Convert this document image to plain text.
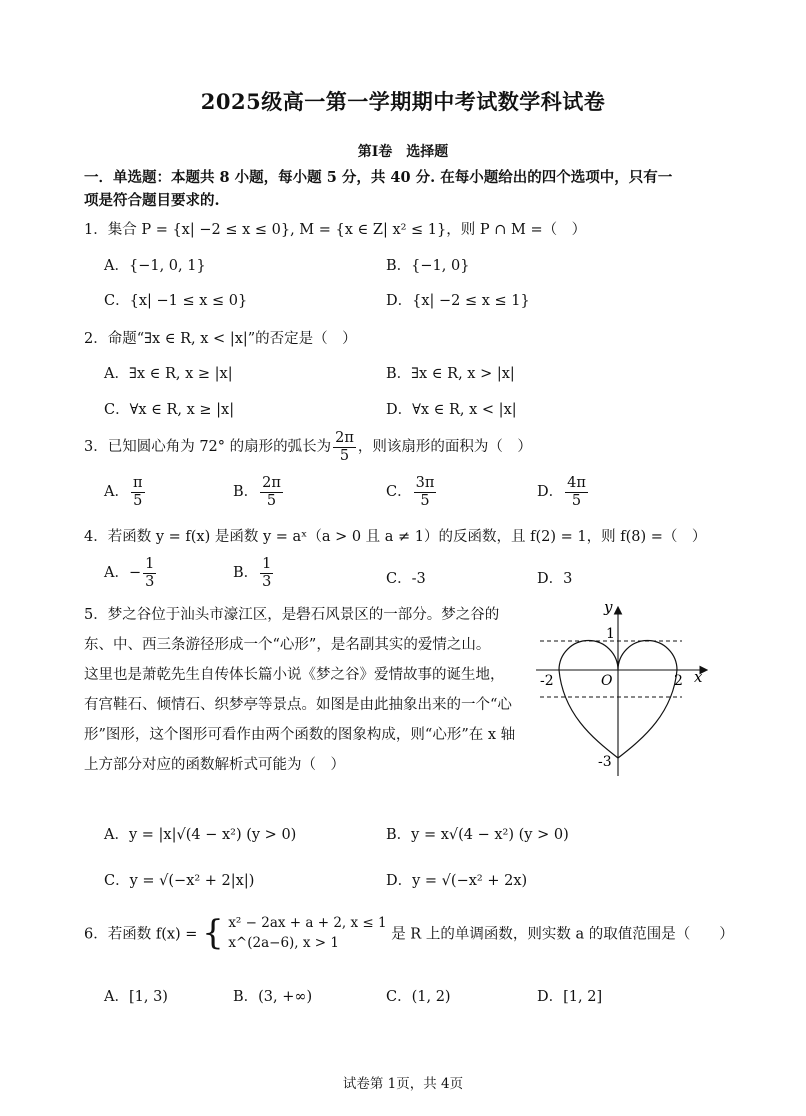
2025级高一第一学期期中考试数学科试卷
第Ⅰ卷　选择题
一．单选题：本题共 8 小题，每小题 5 分，共 40 分. 在每小题给出的四个选项中，只有一
项是符合题目要求的.
1．集合 P = {x| −2 ≤ x ≤ 0}, M = {x ∈ Z| x² ≤ 1}，则 P ∩ M =（　）
A．{−1, 0, 1}	B．{−1, 0}
C．{x| −1 ≤ x ≤ 0}	D．{x| −2 ≤ x ≤ 1}
2．命题“∃x ∈ R, x < |x|”的否定是（　）
A．∃x ∈ R, x ≥ |x|	B．∃x ∈ R, x > |x|
C．∀x ∈ R, x ≥ |x|	D．∀x ∈ R, x < |x|
3．已知圆心角为 72° 的扇形的弧长为 $\frac{2\pi}{5}$ ，则该扇形的面积为（　）
A． $\frac{\pi}{5}$	B． $\frac{2\pi}{5}$	C． $\frac{3\pi}{5}$	D． $\frac{4\pi}{5}$
4．若函数 y = f(x) 是函数 y = aˣ（a > 0 且 a ≠ 1）的反函数，且 f(2) = 1，则 f(8) =（　）
A．− $\frac{1}{3}$	B． $\frac{1}{3}$	C．-3	D．3
5．梦之谷位于汕头市濠江区，是礐石风景区的一部分。梦之谷的
东、中、西三条游径形成一个“心形”，是名副其实的爱情之山。
这里也是萧乾先生自传体长篇小说《梦之谷》爱情故事的诞生地，
有宫鞋石、倾情石、织梦亭等景点。如图是由此抽象出来的一个“心
形”图形，这个图形可看作由两个函数的图象构成，则“心形”在 x 轴
上方部分对应的函数解析式可能为（　）
y
x
1
-2	O	2
-3
A．y = |x|√(4 − x²) (y > 0)	B．y = x√(4 − x²) (y > 0)
C．y = √(−x² + 2|x|)	D．y = √(−x² + 2x)
6．若函数 f(x) = { x² − 2ax + a + 2, x ≤ 1
x^(2a−6), x > 1
是 R 上的单调函数，则实数 a 的取值范围是（　　）
A．[1, 3)	B．(3, +∞)	C．(1, 2)	D．[1, 2]
试卷第 1页，共 4页
